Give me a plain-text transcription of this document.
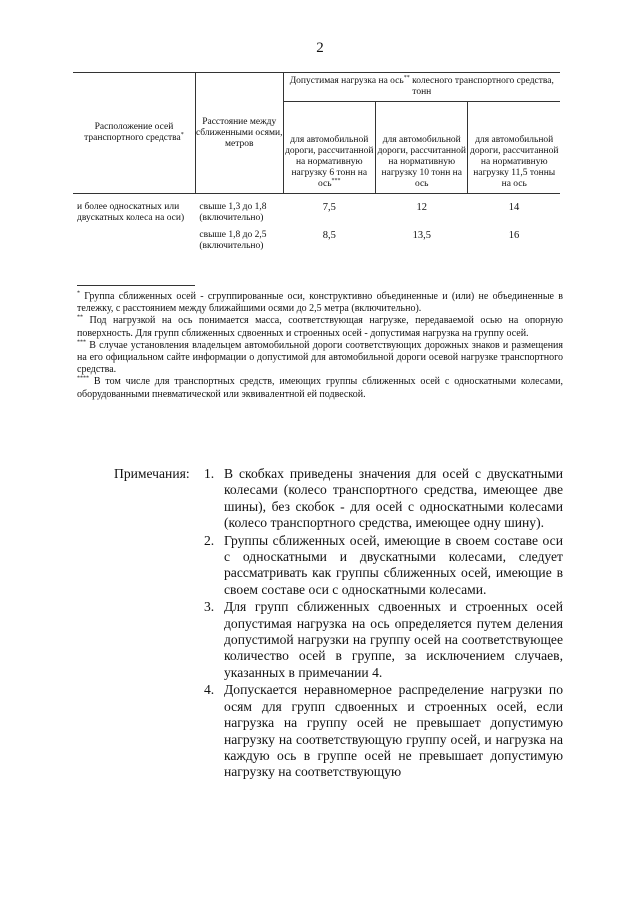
2
Расположение осей транспортного средства*	Расстояние между сближенными осями, метров	Допустимая нагрузка на ось** колесного транспортного средства, тонн		
		для автомобильной дороги, рассчитанной на нормативную нагрузку 6 тонн на ось***	для автомобильной дороги, рассчитанной на нормативную нагрузку 10 тонн на ось	для автомобильной дороги, рассчитанной на нормативную нагрузку 11,5 тонны на ось
и более односкатных или двускатных колеса на оси)	свыше 1,3 до 1,8 (включительно)	7,5	12	14
	свыше 1,8 до 2,5 (включительно)	8,5	13,5	16

* Группа сближенных осей - сгруппированные оси, конструктивно объединенные и (или) не объединенные в тележку, с расстоянием между ближайшими осями до 2,5 метра (включительно).

** Под нагрузкой на ось понимается масса, соответствующая нагрузке, передаваемой осью на опорную поверхность. Для групп сближенных сдвоенных и строенных осей - допустимая нагрузка на группу осей.

*** В случае установления владельцем автомобильной дороги соответствующих дорожных знаков и размещения на его официальном сайте информации о допустимой для автомобильной дороги осевой нагрузке транспортного средства.

**** В том числе для транспортных средств, имеющих группы сближенных осей с односкатными колесами, оборудованными пневматической или эквивалентной ей подвеской.

Примечания: 1. В скобках приведены значения для осей с двускатными колесами (колесо транспортного средства, имеющее две шины), без скобок - для осей с односкатными колесами (колесо транспортного средства, имеющее одну шину).
2. Группы сближенных осей, имеющие в своем составе оси с односкатными и двускатными колесами, следует рассматривать как группы сближенных осей, имеющие в своем составе оси с односкатными колесами.
3. Для групп сближенных сдвоенных и строенных осей допустимая нагрузка на ось определяется путем деления допустимой нагрузки на группу осей на соответствующее количество осей в группе, за исключением случаев, указанных в примечании 4.
4. Допускается неравномерное распределение нагрузки по осям для групп сдвоенных и строенных осей, если нагрузка на группу осей не превышает допустимую нагрузку на соответствующую группу осей, и нагрузка на каждую ось в группе осей не превышает допустимую нагрузку на соответствующую
